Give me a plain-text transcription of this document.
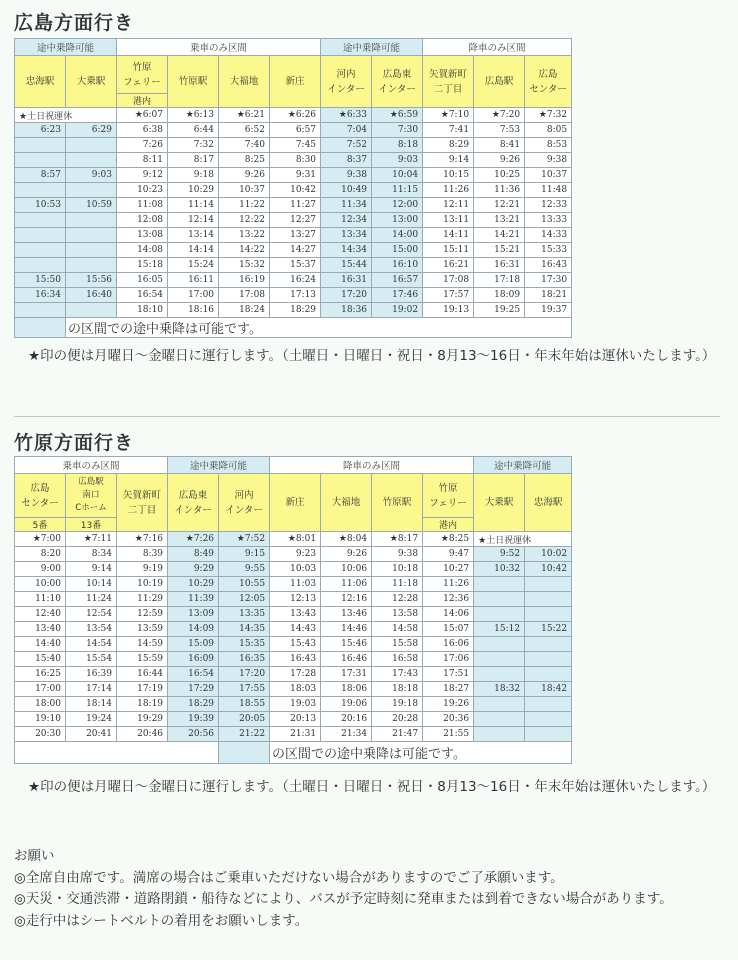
広島方面行き
途中乗降可能		乗車のみ区間				途中乗降可能		降車のみ区間		
忠海駅	大乗駅	竹原
フェリー	竹原駅	大福地	新庄	河内
インター	広島東
インター	矢賀新町
二丁目	広島駅	広島
センター
		港内								
★土日祝運休		★6:07	★6:13	★6:21	★6:26	★6:33	★6:59	★7:10	★7:20	★7:32
6:23	6:29	6:38	6:44	6:52	6:57	7:04	7:30	7:41	7:53	8:05
		7:26	7:32	7:40	7:45	7:52	8:18	8:29	8:41	8:53
		8:11	8:17	8:25	8:30	8:37	9:03	9:14	9:26	9:38
8:57	9:03	9:12	9:18	9:26	9:31	9:38	10:04	10:15	10:25	10:37
		10:23	10:29	10:37	10:42	10:49	11:15	11:26	11:36	11:48
10:53	10:59	11:08	11:14	11:22	11:27	11:34	12:00	12:11	12:21	12:33
		12:08	12:14	12:22	12:27	12:34	13:00	13:11	13:21	13:33
		13:08	13:14	13:22	13:27	13:34	14:00	14:11	14:21	14:33
		14:08	14:14	14:22	14:27	14:34	15:00	15:11	15:21	15:33
		15:18	15:24	15:32	15:37	15:44	16:10	16:21	16:31	16:43
15:50	15:56	16:05	16:11	16:19	16:24	16:31	16:57	17:08	17:18	17:30
16:34	16:40	16:54	17:00	17:08	17:13	17:20	17:46	17:57	18:09	18:21
		18:10	18:16	18:24	18:29	18:36	19:02	19:13	19:25	19:37
	の区間での途中乗降は可能です。									
★印の便は月曜日～金曜日に運行します。（土曜日・日曜日・祝日・8月13～16日・年末年始は運休いたします。）
竹原方面行き
乗車のみ区間			途中乗降可能		降車のみ区間				途中乗降可能	
広島
センター	広島駅
南口
Cホーム	矢賀新町
二丁目	広島東
インター	河内
インター	新庄	大福地	竹原駅	竹原
フェリー	大乗駅	忠海駅
5番	13番							港内		
★7:00	★7:11	★7:16	★7:26	★7:52	★8:01	★8:04	★8:17	★8:25	★土日祝運休	
8:20	8:34	8:39	8:49	9:15	9:23	9:26	9:38	9:47	9:52	10:02
9:00	9:14	9:19	9:29	9:55	10:03	10:06	10:18	10:27	10:32	10:42
10:00	10:14	10:19	10:29	10:55	11:03	11:06	11:18	11:26		
11:10	11:24	11:29	11:39	12:05	12:13	12:16	12:28	12:36		
12:40	12:54	12:59	13:09	13:35	13:43	13:46	13:58	14:06		
13:40	13:54	13:59	14:09	14:35	14:43	14:46	14:58	15:07	15:12	15:22
14:40	14:54	14:59	15:09	15:35	15:43	15:46	15:58	16:06		
15:40	15:54	15:59	16:09	16:35	16:43	16:46	16:58	17:06		
16:25	16:39	16:44	16:54	17:20	17:28	17:31	17:43	17:51		
17:00	17:14	17:19	17:29	17:55	18:03	18:06	18:18	18:27	18:32	18:42
18:00	18:14	18:19	18:29	18:55	19:03	19:06	19:18	19:26		
19:10	19:24	19:29	19:39	20:05	20:13	20:16	20:28	20:36		
20:30	20:41	20:46	20:56	21:22	21:31	21:34	21:47	21:55		
					の区間での途中乗降は可能です。					
★印の便は月曜日～金曜日に運行します。（土曜日・日曜日・祝日・8月13～16日・年末年始は運休いたします。）
お願い
◎全席自由席です。満席の場合はご乗車いただけない場合がありますのでご了承願います。
◎天災・交通渋滞・道路閉鎖・船待などにより、バスが予定時刻に発車または到着できない場合があります。
◎走行中はシートベルトの着用をお願いします。
